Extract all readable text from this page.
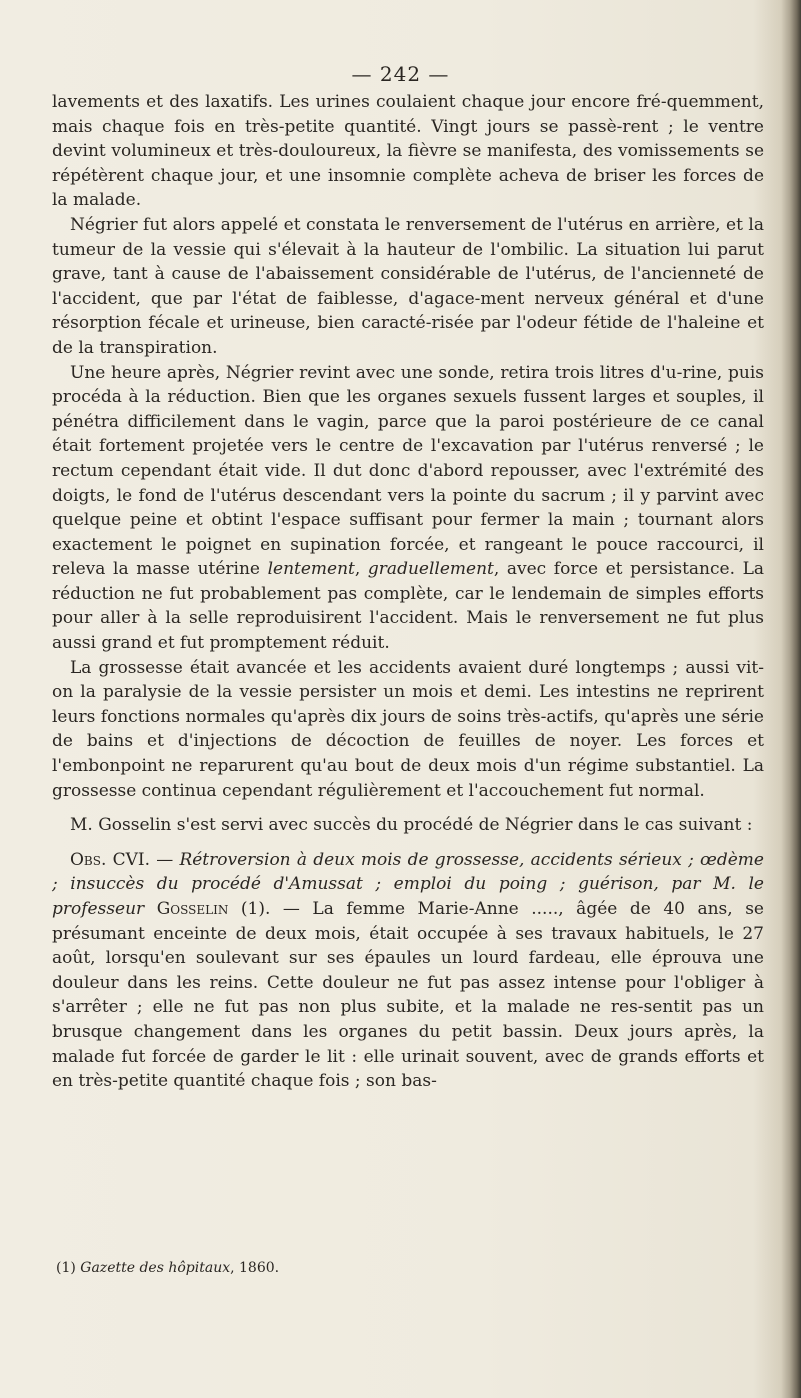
— 242 —

lavements et des laxatifs. Les urines coulaient chaque jour encore fré-quemment, mais chaque fois en très-petite quantité. Vingt jours se passè-rent ; le ventre devint volumineux et très-douloureux, la fièvre se manifesta, des vomissements se répétèrent chaque jour, et une insomnie complète acheva de briser les forces de la malade.

Négrier fut alors appelé et constata le renversement de l'utérus en arrière, et la tumeur de la vessie qui s'élevait à la hauteur de l'ombilic. La situation lui parut grave, tant à cause de l'abaissement considérable de l'utérus, de l'ancienneté de l'accident, que par l'état de faiblesse, d'agace-ment nerveux général et d'une résorption fécale et urineuse, bien caracté-risée par l'odeur fétide de l'haleine et de la transpiration.

Une heure après, Négrier revint avec une sonde, retira trois litres d'u-rine, puis procéda à la réduction. Bien que les organes sexuels fussent larges et souples, il pénétra difficilement dans le vagin, parce que la paroi postérieure de ce canal était fortement projetée vers le centre de l'excavation par l'utérus renversé ; le rectum cependant était vide. Il dut donc d'abord repousser, avec l'extrémité des doigts, le fond de l'utérus descendant vers la pointe du sacrum ; il y parvint avec quelque peine et obtint l'espace suffisant pour fermer la main ; tournant alors exactement le poignet en supination forcée, et rangeant le pouce raccourci, il releva la masse utérine lentement, graduellement, avec force et persistance. La réduction ne fut probablement pas complète, car le lendemain de simples efforts pour aller à la selle reproduisirent l'accident. Mais le renversement ne fut plus aussi grand et fut promptement réduit.

La grossesse était avancée et les accidents avaient duré longtemps ; aussi vit-on la paralysie de la vessie persister un mois et demi. Les intestins ne reprirent leurs fonctions normales qu'après dix jours de soins très-actifs, qu'après une série de bains et d'injections de décoction de feuilles de noyer. Les forces et l'embonpoint ne reparurent qu'au bout de deux mois d'un régime substantiel. La grossesse continua cependant régulièrement et l'accouchement fut normal.

M. Gosselin s'est servi avec succès du procédé de Négrier dans le cas suivant :

Obs. CVI. — Rétroversion à deux mois de grossesse, accidents sérieux ; œdème ; insuccès du procédé d'Amussat ; emploi du poing ; guérison, par M. le professeur Gosselin (1). — La femme Marie-Anne ....., âgée de 40 ans, se présumant enceinte de deux mois, était occupée à ses travaux habituels, le 27 août, lorsqu'en soulevant sur ses épaules un lourd fardeau, elle éprouva une douleur dans les reins. Cette douleur ne fut pas assez intense pour l'obliger à s'arrêter ; elle ne fut pas non plus subite, et la malade ne res-sentit pas un brusque changement dans les organes du petit bassin. Deux jours après, la malade fut forcée de garder le lit : elle urinait souvent, avec de grands efforts et en très-petite quantité chaque fois ; son bas-

(1) Gazette des hôpitaux, 1860.
